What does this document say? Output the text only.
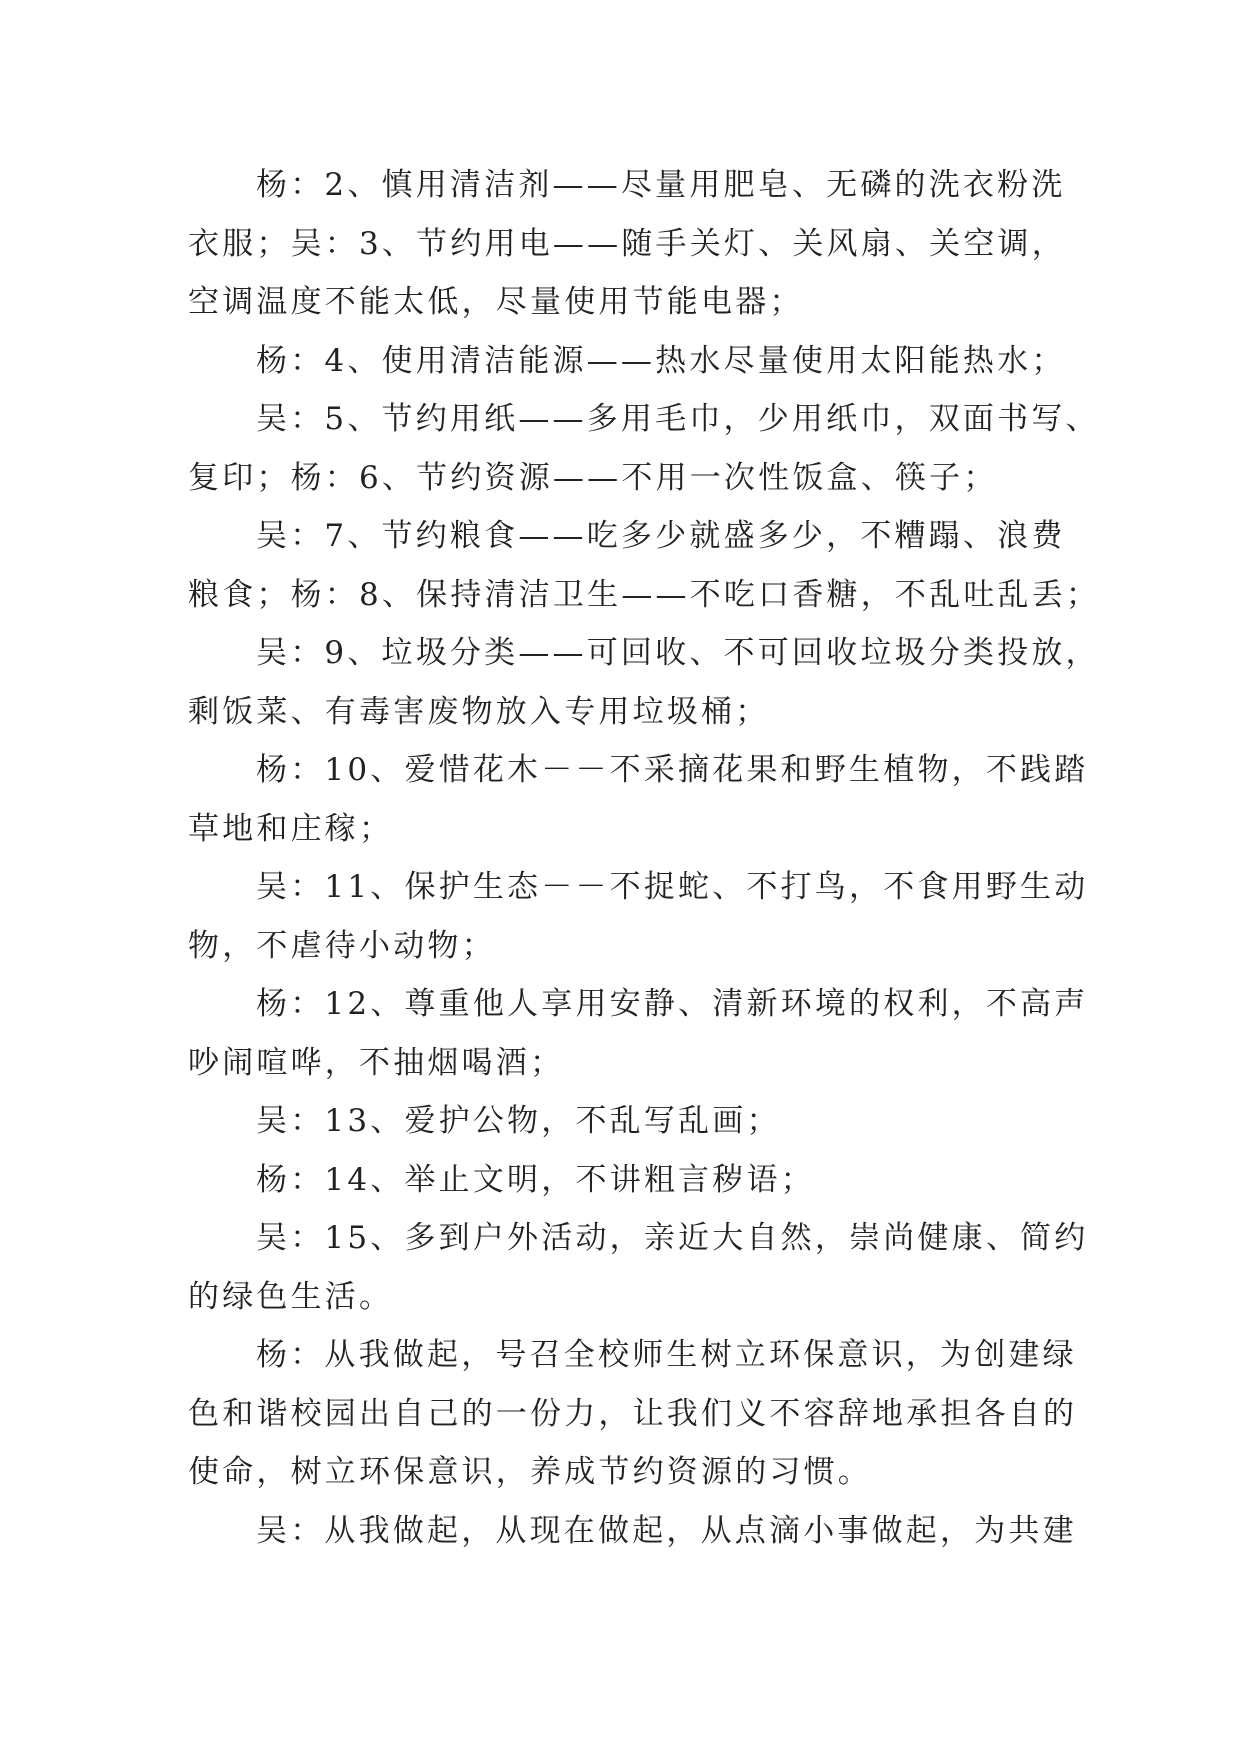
杨：2、慎用清洁剂——尽量用肥皂、无磷的洗衣粉洗
衣服；吴：3、节约用电——随手关灯、关风扇、关空调，
空调温度不能太低，尽量使用节能电器；
杨：4、使用清洁能源——热水尽量使用太阳能热水；
吴：5、节约用纸——多用毛巾，少用纸巾，双面书写、
复印；杨：6、节约资源——不用一次性饭盒、筷子；
吴：7、节约粮食——吃多少就盛多少，不糟蹋、浪费
粮食；杨：8、保持清洁卫生——不吃口香糖，不乱吐乱丢；
吴：9、垃圾分类——可回收、不可回收垃圾分类投放，
剩饭菜、有毒害废物放入专用垃圾桶；
杨：10、爱惜花木－－不采摘花果和野生植物，不践踏
草地和庄稼；
吴：11、保护生态－－不捉蛇、不打鸟，不食用野生动
物，不虐待小动物；
杨：12、尊重他人享用安静、清新环境的权利，不高声
吵闹喧哗，不抽烟喝酒；
吴：13、爱护公物，不乱写乱画；
杨：14、举止文明，不讲粗言秽语；
吴：15、多到户外活动，亲近大自然，崇尚健康、简约
的绿色生活。
杨：从我做起，号召全校师生树立环保意识，为创建绿
色和谐校园出自己的一份力，让我们义不容辞地承担各自的
使命，树立环保意识，养成节约资源的习惯。
吴：从我做起，从现在做起，从点滴小事做起，为共建
